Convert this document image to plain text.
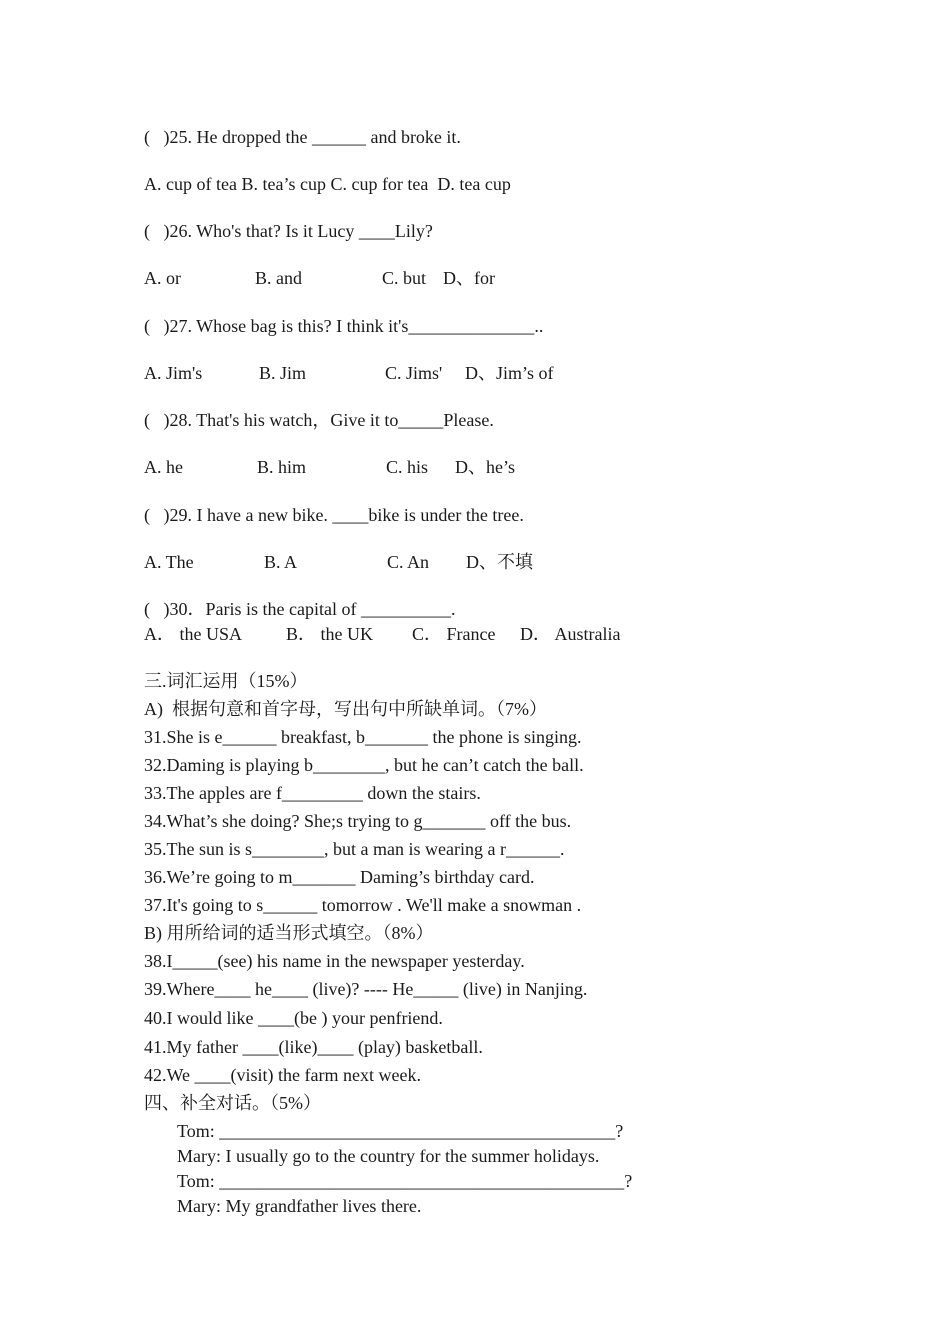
(   )25. He dropped the ______ and broke it.
A. cup of tea B. tea’s cup C. cup for tea  D. tea cup
(   )26. Who's that? Is it Lucy ____Lily?
A. or	B. and	C. but D、for
(   )27. Whose bag is this? I think it's______________..
A. Jim's	B. Jim	C. Jims' D、Jim’s of
(   )28. That's his watch，Give it to_____Please.
A. he	B. him	C. his D、he’s
(   )29. I have a new bike. ____bike is under the tree.
A. The	B. A	C. An D、不填
(   )30．Paris is the capital of __________.
A． the USA B． the UK C． France D． Australia
三.词汇运用（15%）
A)  根据句意和首字母，写出句中所缺单词。（7%）
31.She is e______ breakfast, b_______ the phone is singing.
32.Daming is playing b________, but he can’t catch the ball.
33.The apples are f_________ down the stairs.
34.What’s she doing? She;s trying to g_______ off the bus.
35.The sun is s________, but a man is wearing a r______.
36.We’re going to m_______ Daming’s birthday card.
37.It's going to s______ tomorrow . We'll make a snowman .
B) 用所给词的适当形式填空。（8%）
38.I_____(see) his name in the newspaper yesterday.
39.Where____ he____ (live)? ---- He_____ (live) in Nanjing.
40.I would like ____(be ) your penfriend.
41.My father ____(like)____ (play) basketball.
42.We ____(visit) the farm next week.
四、补全对话。（5%）
Tom: ____________________________________________?
Mary: I usually go to the country for the summer holidays.
Tom: _____________________________________________?
Mary: My grandfather lives there.
